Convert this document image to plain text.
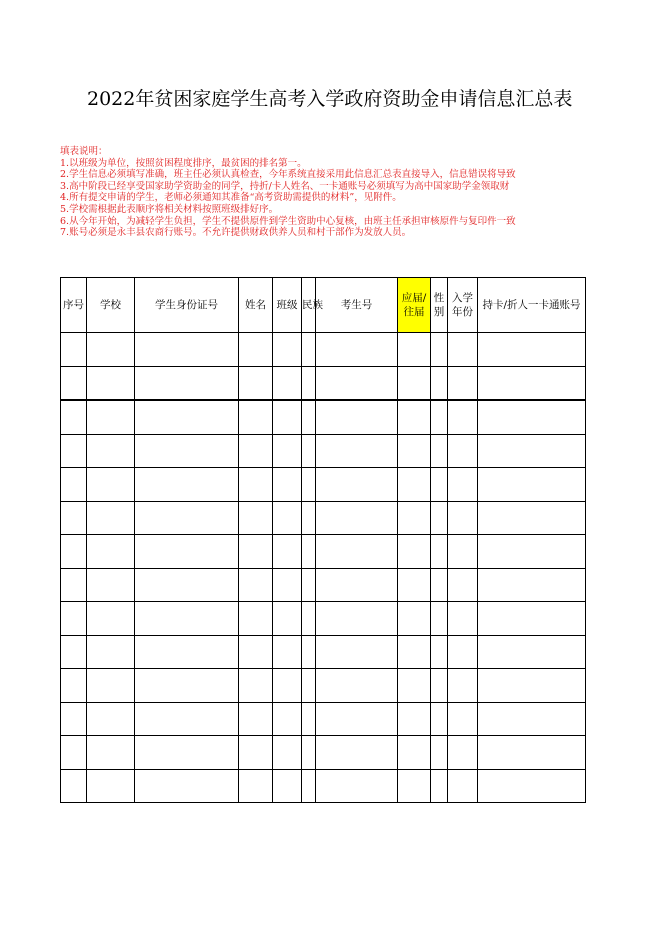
2022年贫困家庭学生高考入学政府资助金申请信息汇总表
填表说明：
1.以班级为单位，按照贫困程度排序，最贫困的排名第一。
2.学生信息必须填写准确，班主任必须认真检查，今年系统直接采用此信息汇总表直接导入，信息错误将导致
3.高中阶段已经享受国家助学资助金的同学，持折/卡人姓名、一卡通账号必须填写为高中国家助学金领取财
4.所有提交申请的学生，老师必须通知其准备“高考资助需提供的材料”，见附件。
5.学校需根据此表顺序将相关材料按照班级排好序。
6.从今年开始，为减轻学生负担，学生不提供原件到学生资助中心复核，由班主任承担审核原件与复印件一致
7.账号必须是永丰县农商行账号。不允许提供财政供养人员和村干部作为发放人员。
序号	学校	学生身份证号	姓名	班级	民族	考生号	应届/往届	性别	入学年份	持卡/折人一卡通账号
